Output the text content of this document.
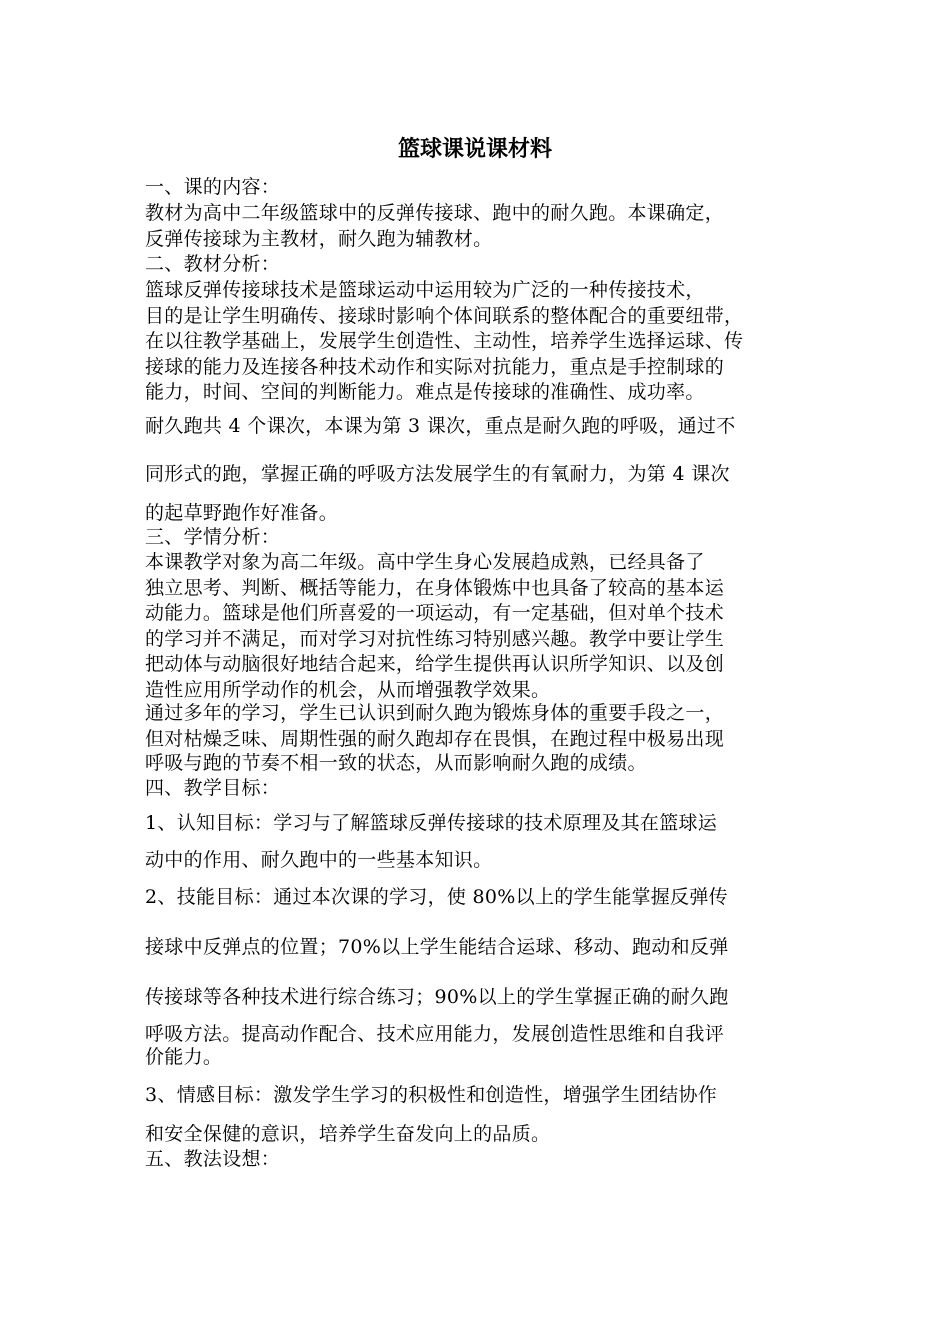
篮球课说课材料
一、课的内容：
教材为高中二年级篮球中的反弹传接球、跑中的耐久跑。本课确定，
反弹传接球为主教材，耐久跑为辅教材。
二、教材分析：
篮球反弹传接球技术是篮球运动中运用较为广泛的一种传接技术，
目的是让学生明确传、接球时影响个体间联系的整体配合的重要纽带，
在以往教学基础上，发展学生创造性、主动性，培养学生选择运球、传
接球的能力及连接各种技术动作和实际对抗能力，重点是手控制球的
能力，时间、空间的判断能力。难点是传接球的准确性、成功率。
耐久跑共 4 个课次，本课为第 3 课次，重点是耐久跑的呼吸，通过不
同形式的跑，掌握正确的呼吸方法发展学生的有氧耐力，为第 4 课次
的起草野跑作好准备。
三、学情分析：
本课教学对象为高二年级。高中学生身心发展趋成熟，已经具备了
独立思考、判断、概括等能力，在身体锻炼中也具备了较高的基本运
动能力。篮球是他们所喜爱的一项运动，有一定基础，但对单个技术
的学习并不满足，而对学习对抗性练习特别感兴趣。教学中要让学生
把动体与动脑很好地结合起来，给学生提供再认识所学知识、以及创
造性应用所学动作的机会，从而增强教学效果。
通过多年的学习，学生已认识到耐久跑为锻炼身体的重要手段之一，
但对枯燥乏味、周期性强的耐久跑却存在畏惧，在跑过程中极易出现
呼吸与跑的节奏不相一致的状态，从而影响耐久跑的成绩。
四、教学目标：
1、认知目标：学习与了解篮球反弹传接球的技术原理及其在篮球运
动中的作用、耐久跑中的一些基本知识。
2、技能目标：通过本次课的学习，使 80%以上的学生能掌握反弹传
接球中反弹点的位置；70%以上学生能结合运球、移动、跑动和反弹
传接球等各种技术进行综合练习；90%以上的学生掌握正确的耐久跑
呼吸方法。提高动作配合、技术应用能力，发展创造性思维和自我评
价能力。
3、情感目标：激发学生学习的积极性和创造性，增强学生团结协作
和安全保健的意识，培养学生奋发向上的品质。
五、教法设想：
